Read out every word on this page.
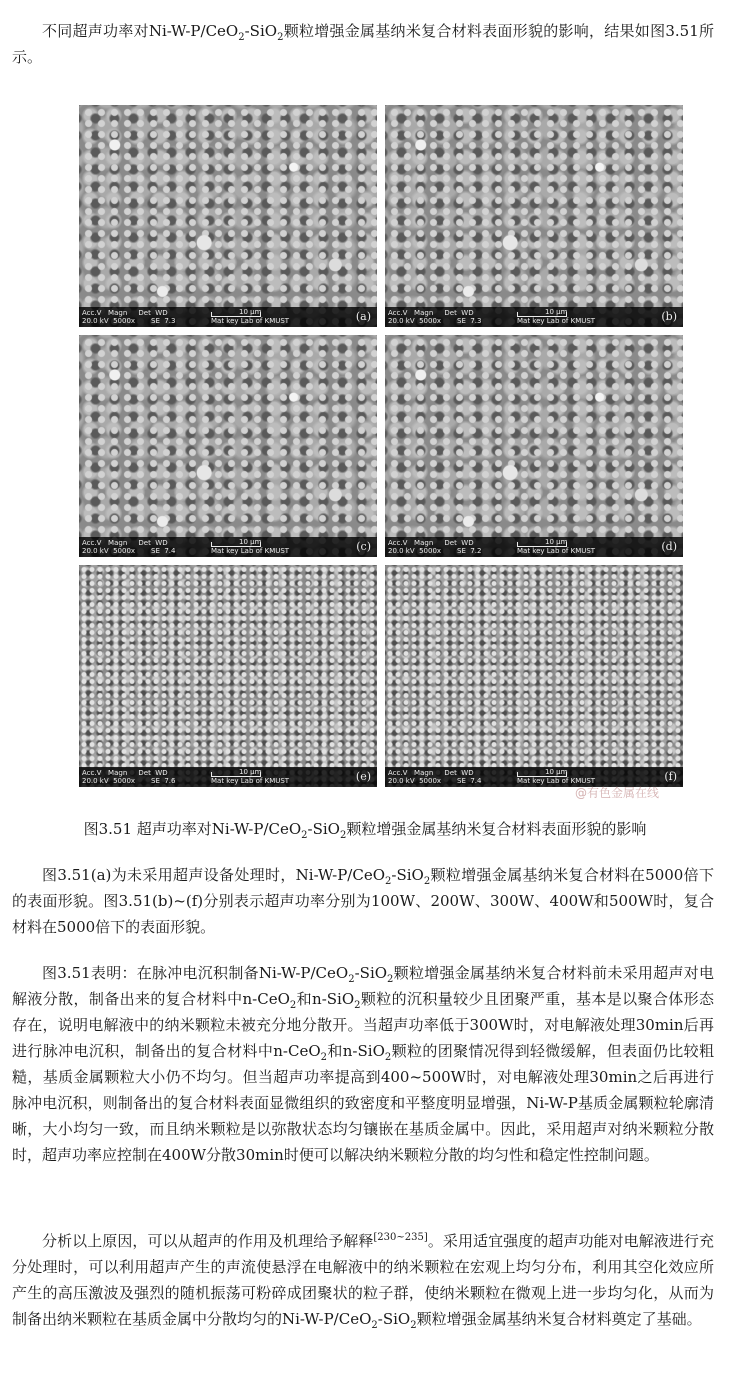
不同超声功率对Ni-W-P/CeO$_2$-SiO$_2$颗粒增强金属基纳米复合材料表面形貌的影响，结果如图3.51所示。

Acc.V   Magn     Det  WD
20.0 kV  5000x SE  7.3
10 μm
Mat key Lab of KMUST	(a) Acc.V   Magn     Det  WD
20.0 kV  5000x SE  7.3
10 μm
Mat key Lab of KMUST	(b)
Acc.V   Magn     Det  WD
20.0 kV  5000x SE  7.4
10 μm
Mat key Lab of KMUST	(c) Acc.V   Magn     Det  WD
20.0 kV  5000x SE  7.2
10 μm
Mat key Lab of KMUST	(d)
Acc.V   Magn     Det  WD
20.0 kV  5000x SE  7.6
10 μm
Mat key Lab of KMUST	(e) Acc.V   Magn     Det  WD
20.0 kV  5000x SE  7.4
10 μm
Mat key Lab of KMUST	(f)
@有色金属在线
图3.51 超声功率对Ni-W-P/CeO$_2$-SiO$_2$颗粒增强金属基纳米复合材料表面形貌的影响

图3.51(a)为未采用超声设备处理时，Ni-W-P/CeO$_2$-SiO$_2$颗粒增强金属基纳米复合材料在5000倍下的表面形貌。图3.51(b)~(f)分别表示超声功率分别为100W、200W、300W、400W和500W时，复合材料在5000倍下的表面形貌。

图3.51表明：在脉冲电沉积制备Ni-W-P/CeO$_2$-SiO$_2$颗粒增强金属基纳米复合材料前未采用超声对电解液分散，制备出来的复合材料中n-CeO$_2$和n-SiO$_2$颗粒的沉积量较少且团聚严重，基本是以聚合体形态存在，说明电解液中的纳米颗粒未被充分地分散开。当超声功率低于300W时，对电解液处理30min后再进行脉冲电沉积，制备出的复合材料中n-CeO$_2$和n-SiO$_2$颗粒的团聚情况得到轻微缓解，但表面仍比较粗糙，基质金属颗粒大小仍不均匀。但当超声功率提高到400~500W时，对电解液处理30min之后再进行脉冲电沉积，则制备出的复合材料表面显微组织的致密度和平整度明显增强，Ni-W-P基质金属颗粒轮廓清晰，大小均匀一致，而且纳米颗粒是以弥散状态均匀镶嵌在基质金属中。因此，采用超声对纳米颗粒分散时，超声功率应控制在400W分散30min时便可以解决纳米颗粒分散的均匀性和稳定性控制问题。

分析以上原因，可以从超声的作用及机理给予解释[230~235]。采用适宜强度的超声功能对电解液进行充分处理时，可以利用超声产生的声流使悬浮在电解液中的纳米颗粒在宏观上均匀分布，利用其空化效应所产生的高压激波及强烈的随机振荡可粉碎成团聚状的粒子群，使纳米颗粒在微观上进一步均匀化，从而为制备出纳米颗粒在基质金属中分散均匀的Ni-W-P/CeO$_2$-SiO$_2$颗粒增强金属基纳米复合材料奠定了基础。
